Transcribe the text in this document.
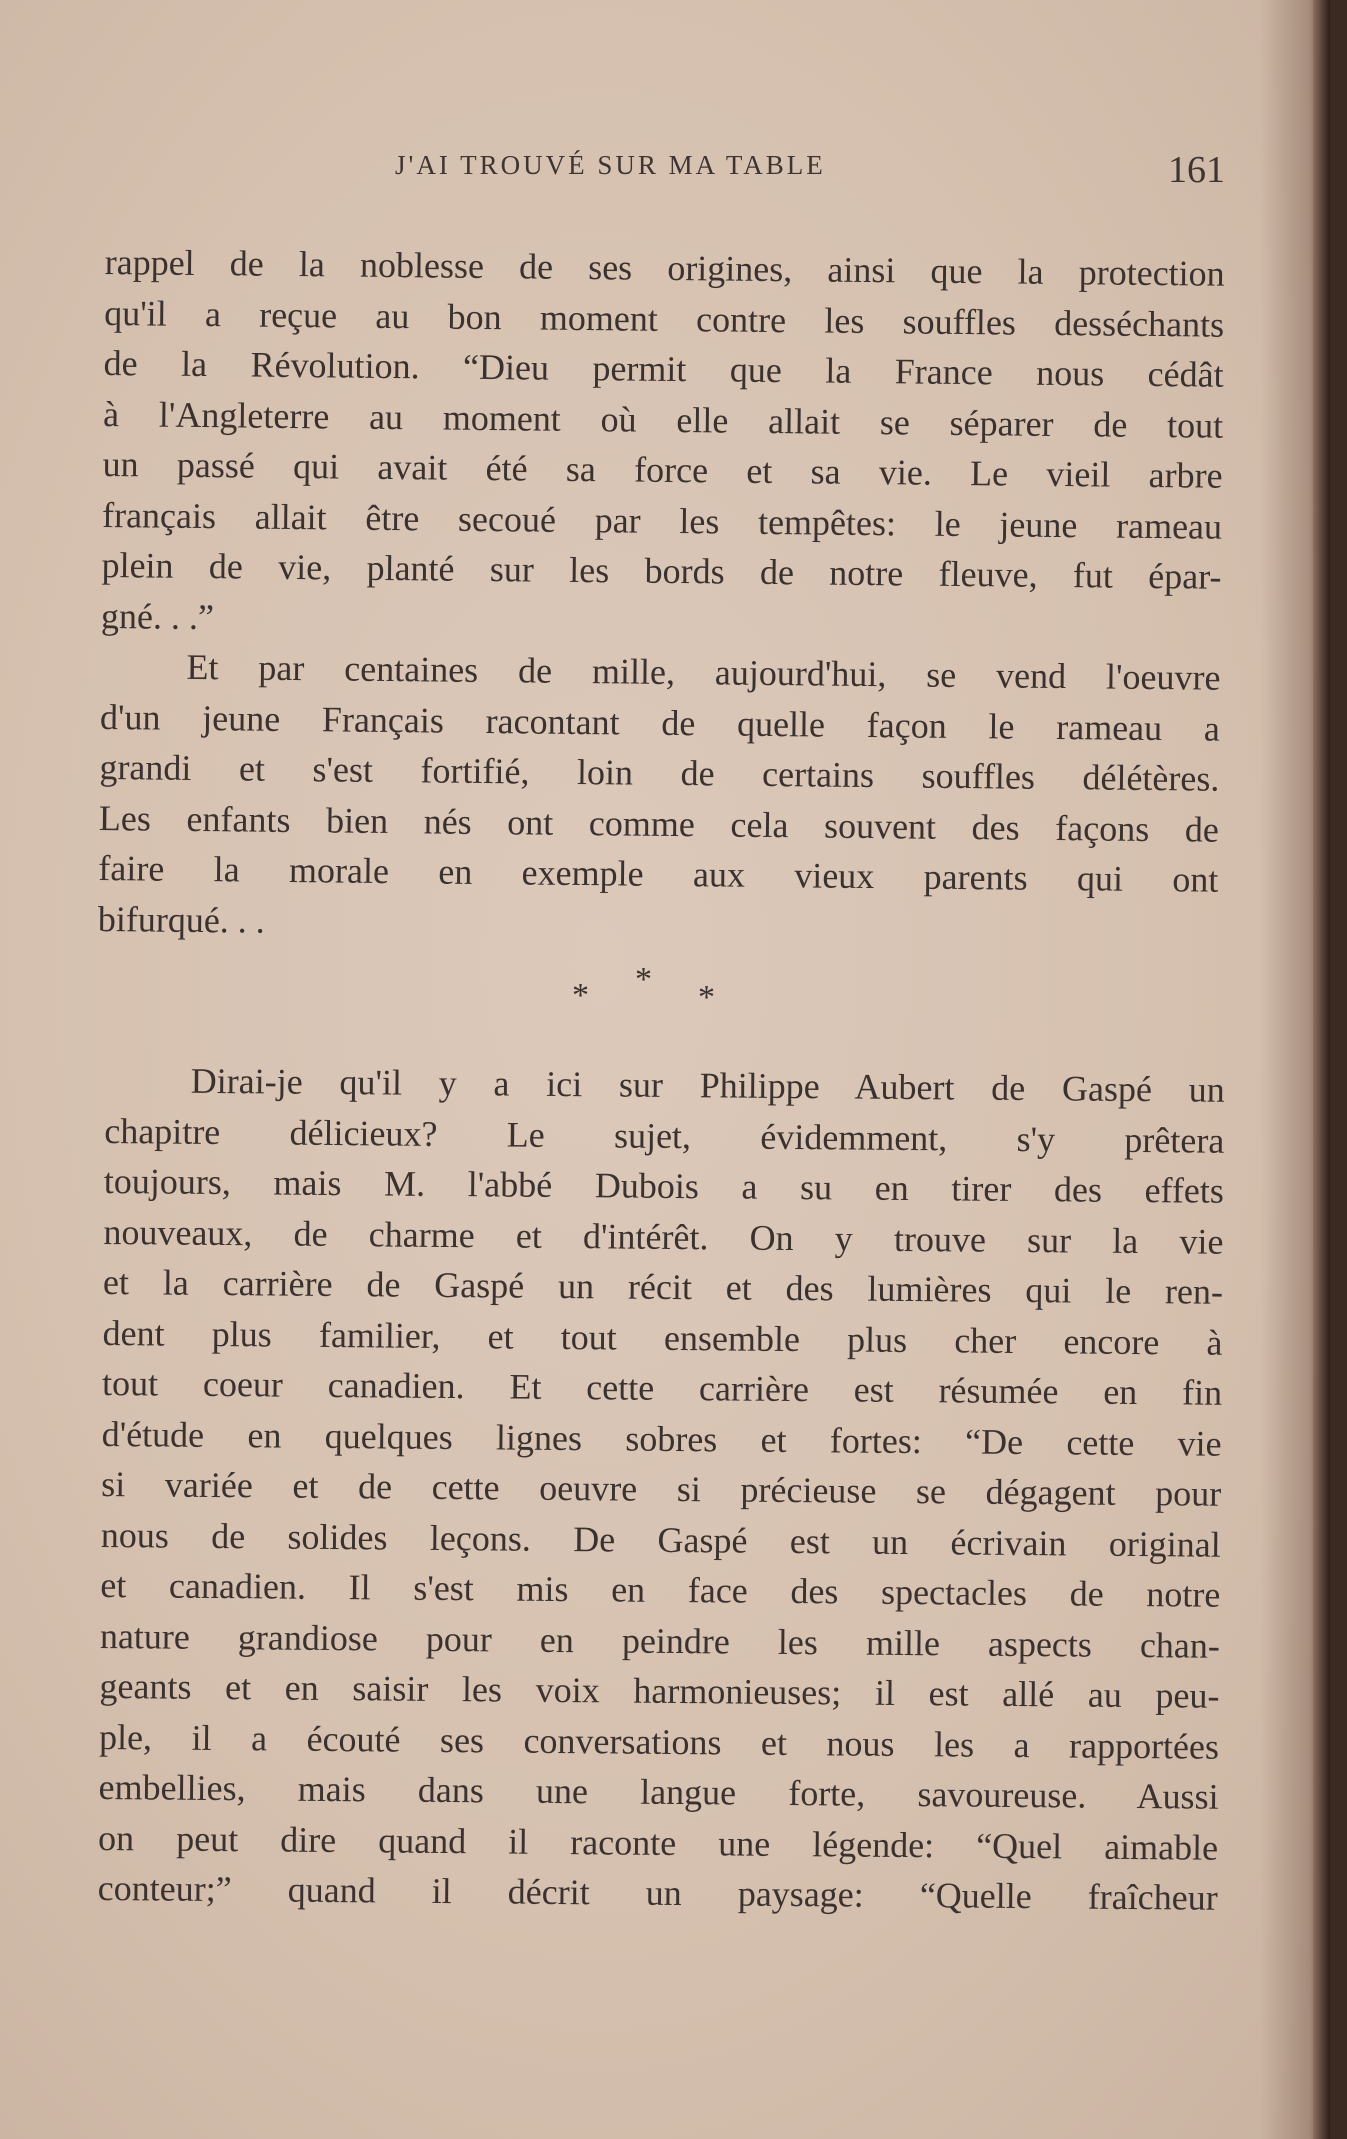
J'AI TROUVÉ SUR MA TABLE	161
rappel de la noblesse de ses origines, ainsi que la protection
qu'il a reçue au bon moment contre les souffles desséchants
de la Révolution. “Dieu permit que la France nous cédât
à l'Angleterre au moment où elle allait se séparer de tout
un passé qui avait été sa force et sa vie. Le vieil arbre
français allait être secoué par les tempêtes: le jeune rameau
plein de vie, planté sur les bords de notre fleuve, fut épar-
gné. . .”
Et par centaines de mille, aujourd'hui, se vend l'oeuvre
d'un jeune Français racontant de quelle façon le rameau a
grandi et s'est fortifié, loin de certains souffles délétères.
Les enfants bien nés ont comme cela souvent des façons de
faire la morale en exemple aux vieux parents qui ont
bifurqué. . .
* * *
Dirai-je qu'il y a ici sur Philippe Aubert de Gaspé un
chapitre délicieux? Le sujet, évidemment, s'y prêtera
toujours, mais M. l'abbé Dubois a su en tirer des effets
nouveaux, de charme et d'intérêt. On y trouve sur la vie
et la carrière de Gaspé un récit et des lumières qui le ren-
dent plus familier, et tout ensemble plus cher encore à
tout coeur canadien. Et cette carrière est résumée en fin
d'étude en quelques lignes sobres et fortes: “De cette vie
si variée et de cette oeuvre si précieuse se dégagent pour
nous de solides leçons. De Gaspé est un écrivain original
et canadien. Il s'est mis en face des spectacles de notre
nature grandiose pour en peindre les mille aspects chan-
geants et en saisir les voix harmonieuses; il est allé au peu-
ple, il a écouté ses conversations et nous les a rapportées
embellies, mais dans une langue forte, savoureuse. Aussi
on peut dire quand il raconte une légende: “Quel aimable
conteur;” quand il décrit un paysage: “Quelle fraîcheur
